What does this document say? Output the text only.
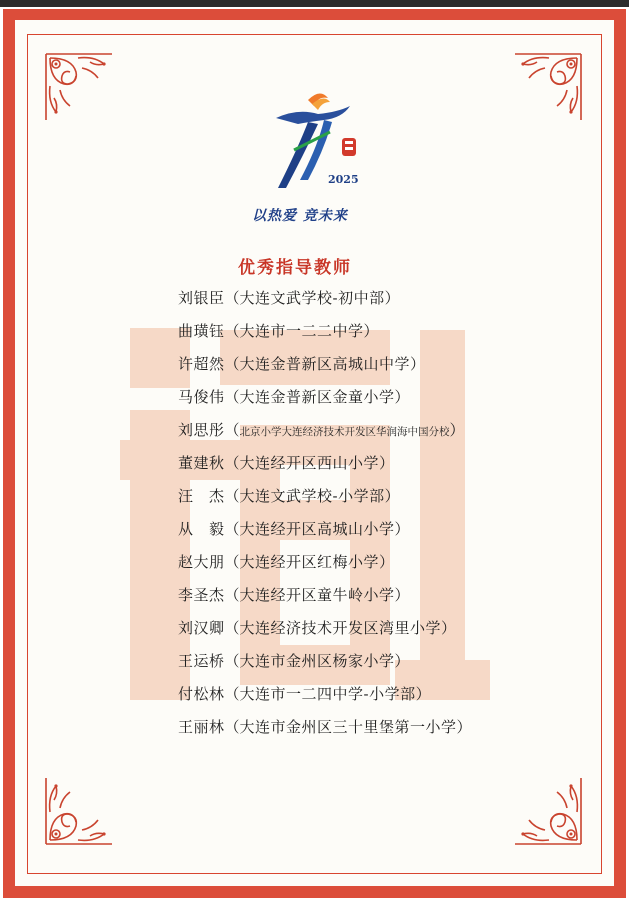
2025
以热爱 竞未来
优秀指导教师
刘银臣（大连文武学校-初中部）
曲璜钰（大连市一二二中学）
许超然（大连金普新区高城山中学）
马俊伟（大连金普新区金童小学）
刘思彤（北京小学大连经济技术开发区华润海中国分校）
董建秋（大连经开区西山小学）
汪　杰（大连文武学校-小学部）
从　毅（大连经开区高城山小学）
赵大朋（大连经开区红梅小学）
李圣杰（大连经开区童牛岭小学）
刘汉卿（大连经济技术开发区湾里小学）
王运桥（大连市金州区杨家小学）
付松林（大连市一二四中学-小学部）
王丽林（大连市金州区三十里堡第一小学）
